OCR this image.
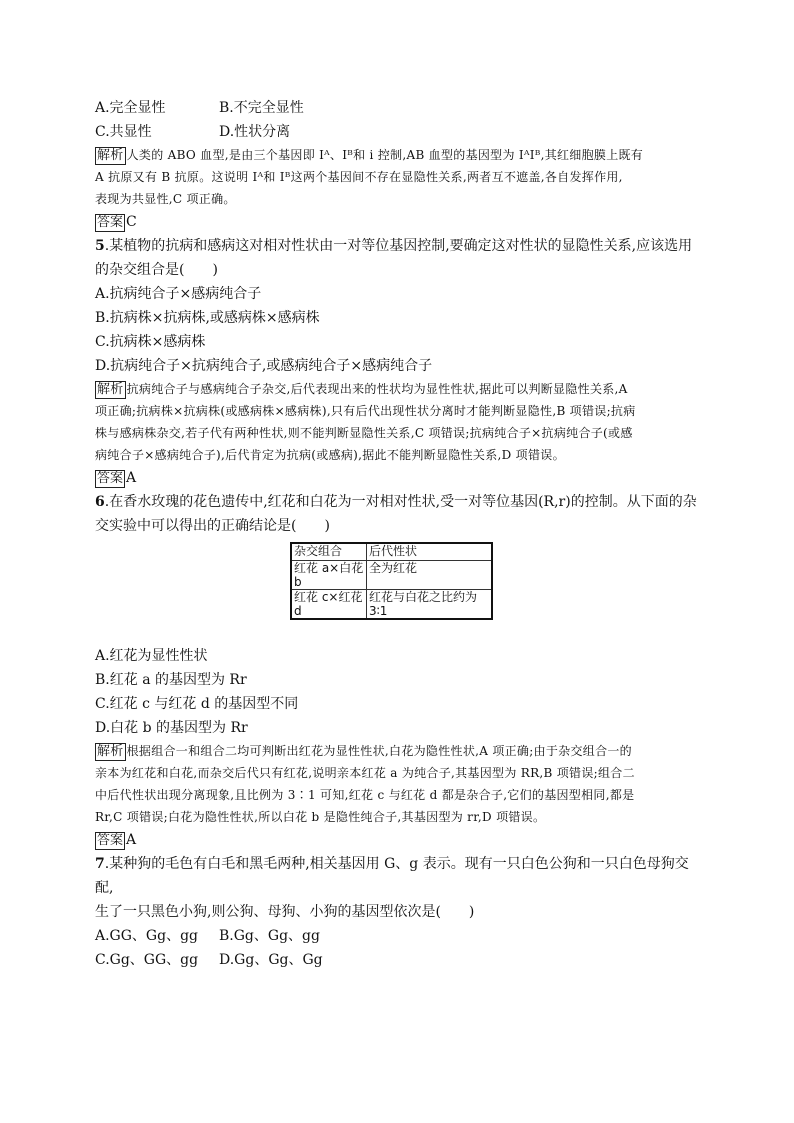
A.完全显性	B.不完全显性
C.共显性	D.性状分离
解析 人类的 ABO 血型,是由三个基因即 Iᴬ、Iᴮ和 i 控制,AB 血型的基因型为 IᴬIᴮ,其红细胞膜上既有
A 抗原又有 B 抗原。这说明 Iᴬ和 Iᴮ这两个基因间不存在显隐性关系,两者互不遮盖,各自发挥作用,
表现为共显性,C 项正确。
答案 C
5.某植物的抗病和感病这对相对性状由一对等位基因控制,要确定这对性状的显隐性关系,应该选用
的杂交组合是(　　)
A.抗病纯合子×感病纯合子
B.抗病株×抗病株,或感病株×感病株
C.抗病株×感病株
D.抗病纯合子×抗病纯合子,或感病纯合子×感病纯合子
解析 抗病纯合子与感病纯合子杂交,后代表现出来的性状均为显性性状,据此可以判断显隐性关系,A
项正确;抗病株×抗病株(或感病株×感病株),只有后代出现性状分离时才能判断显隐性,B 项错误;抗病
株与感病株杂交,若子代有两种性状,则不能判断显隐性关系,C 项错误;抗病纯合子×抗病纯合子(或感
病纯合子×感病纯合子),后代肯定为抗病(或感病),据此不能判断显隐性关系,D 项错误。
答案 A
6.在香水玫瑰的花色遗传中,红花和白花为一对相对性状,受一对等位基因(R,r)的控制。从下面的杂
交实验中可以得出的正确结论是(　　)
杂交组合	后代性状
红花 a×白花 b	全为红花
红花 c×红花 d	红花与白花之比约为 3∶1
A.红花为显性性状
B.红花 a 的基因型为 Rr
C.红花 c 与红花 d 的基因型不同
D.白花 b 的基因型为 Rr
解析 根据组合一和组合二均可判断出红花为显性性状,白花为隐性性状,A 项正确;由于杂交组合一的
亲本为红花和白花,而杂交后代只有红花,说明亲本红花 a 为纯合子,其基因型为 RR,B 项错误;组合二
中后代性状出现分离现象,且比例为 3∶1 可知,红花 c 与红花 d 都是杂合子,它们的基因型相同,都是
Rr,C 项错误;白花为隐性性状,所以白花 b 是隐性纯合子,其基因型为 rr,D 项错误。
答案 A
7.某种狗的毛色有白毛和黑毛两种,相关基因用 G、g 表示。现有一只白色公狗和一只白色母狗交配,
生了一只黑色小狗,则公狗、母狗、小狗的基因型依次是(　　)
A.GG、Gg、gg	B.Gg、Gg、gg
C.Gg、GG、gg	D.Gg、Gg、Gg
